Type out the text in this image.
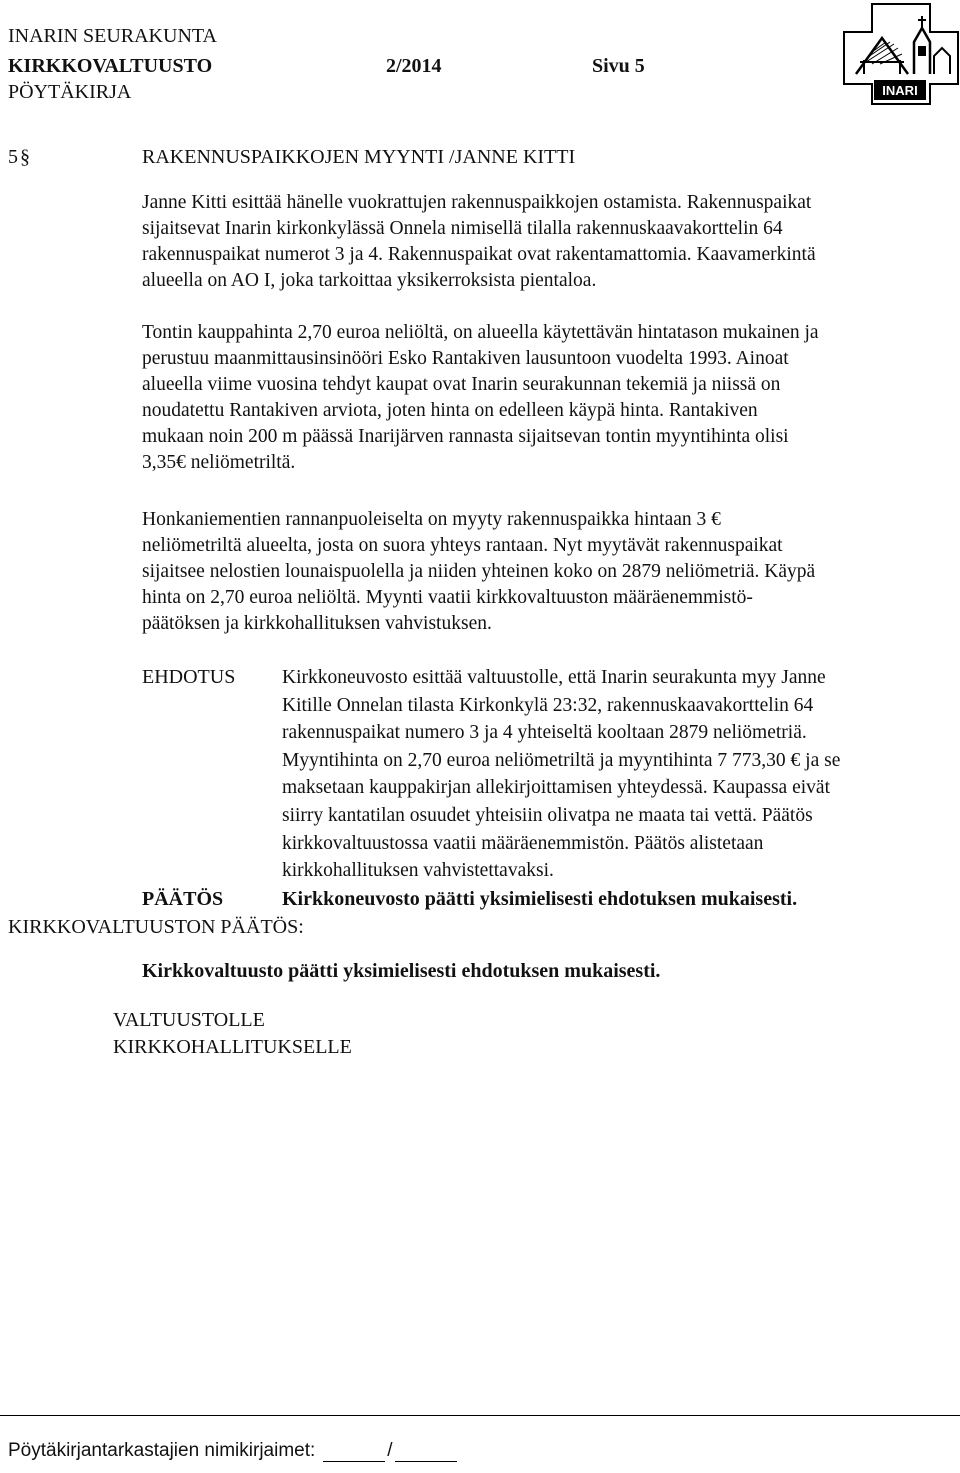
INARIN SEURAKUNTA
KIRKKOVALTUUSTO	2/2014	Sivu 5
PÖYTÄKIRJA	INARI
5 §	RAKENNUSPAIKKOJEN MYYNTI /JANNE KITTI
Janne Kitti esittää hänelle vuokrattujen rakennuspaikkojen ostamista. Rakennuspaikat
sijaitsevat Inarin kirkonkylässä Onnela nimisellä tilalla rakennuskaavakorttelin 64
rakennuspaikat numerot 3 ja 4. Rakennuspaikat ovat rakentamattomia. Kaavamerkintä
alueella on AO I, joka tarkoittaa yksikerroksista pientaloa.
Tontin kauppahinta 2,70 euroa neliöltä, on alueella käytettävän hintatason mukainen ja
perustuu maanmittausinsinööri Esko Rantakiven lausuntoon vuodelta 1993. Ainoat
alueella viime vuosina tehdyt kaupat ovat Inarin seurakunnan tekemiä ja niissä on
noudatettu Rantakiven arviota, joten hinta on edelleen käypä hinta. Rantakiven
mukaan noin 200 m päässä Inarijärven rannasta sijaitsevan tontin myyntihinta olisi
3,35€ neliömetriltä.
Honkaniementien rannanpuoleiselta on myyty rakennuspaikka hintaan 3 €
neliömetriltä alueelta, josta on suora yhteys rantaan. Nyt myytävät rakennuspaikat
sijaitsee nelostien lounaispuolella ja niiden yhteinen koko on 2879 neliömetriä. Käypä
hinta on 2,70 euroa neliöltä. Myynti vaatii kirkkovaltuuston määräenemmistö-
päätöksen ja kirkkohallituksen vahvistuksen.
EHDOTUS Kirkkoneuvosto esittää valtuustolle, että Inarin seurakunta myy Janne
Kitille Onnelan tilasta Kirkonkylä 23:32, rakennuskaavakorttelin 64
rakennuspaikat numero 3 ja 4 yhteiseltä kooltaan 2879 neliömetriä.
Myyntihinta on 2,70 euroa neliömetriltä ja myyntihinta 7 773,30 € ja se
maksetaan kauppakirjan allekirjoittamisen yhteydessä. Kaupassa eivät
siirry kantatilan osuudet yhteisiin olivatpa ne maata tai vettä. Päätös
kirkkovaltuustossa vaatii määräenemmistön. Päätös alistetaan
kirkkohallituksen vahvistettavaksi.
PÄÄTÖS	Kirkkoneuvosto päätti yksimielisesti ehdotuksen mukaisesti.
KIRKKOVALTUUSTON PÄÄTÖS:
Kirkkovaltuusto päätti yksimielisesti ehdotuksen mukaisesti.
VALTUUSTOLLE
KIRKKOHALLITUKSELLE
Pöytäkirjantarkastajien nimikirjaimet:	/
